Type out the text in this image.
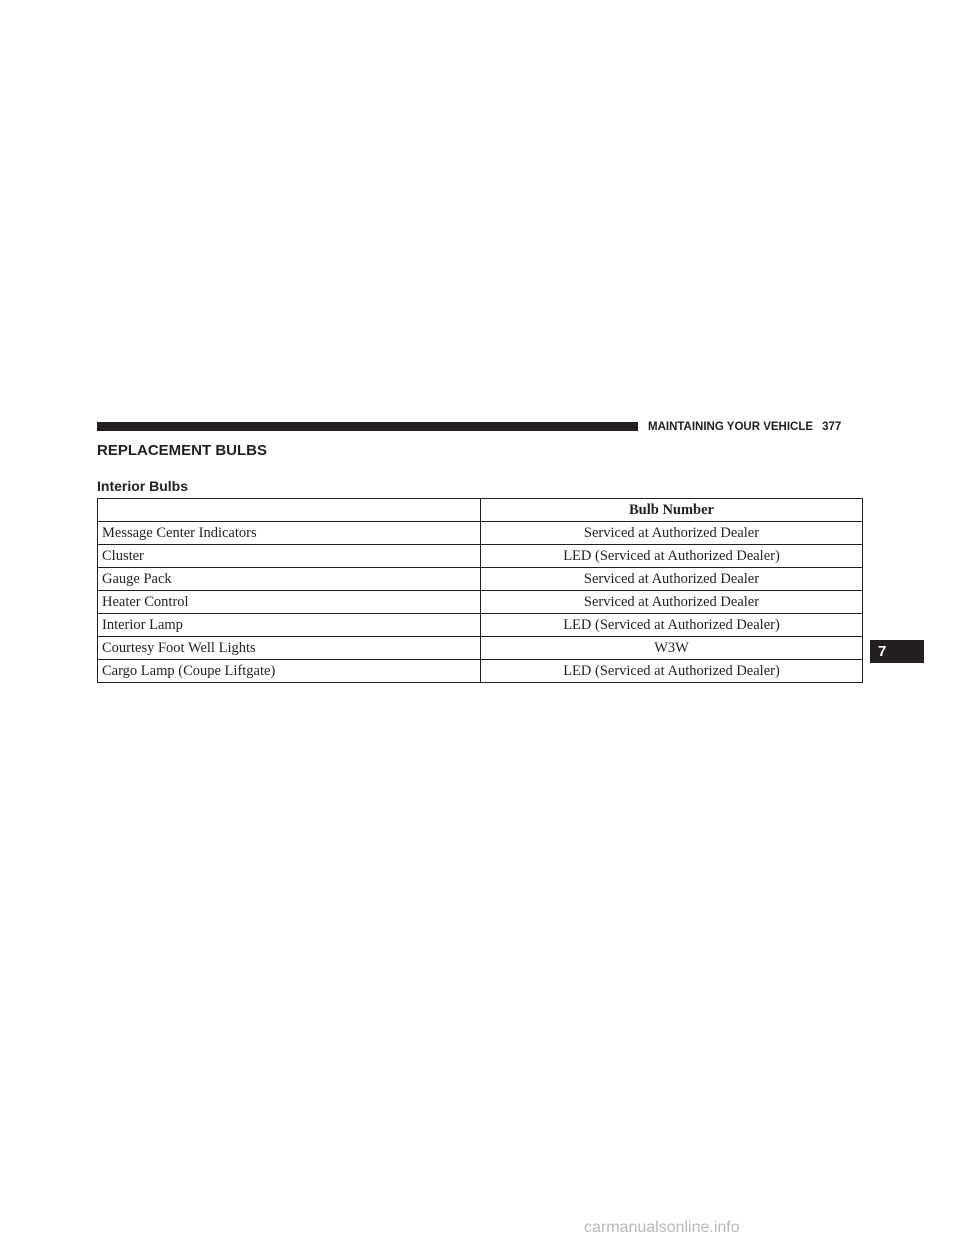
MAINTAINING YOUR VEHICLE 377
REPLACEMENT BULBS
Interior Bulbs
	Bulb Number
Message Center Indicators	Serviced at Authorized Dealer
Cluster	LED (Serviced at Authorized Dealer)
Gauge Pack	Serviced at Authorized Dealer
Heater Control	Serviced at Authorized Dealer
Interior Lamp	LED (Serviced at Authorized Dealer)
Courtesy Foot Well Lights	W3W
Cargo Lamp (Coupe Liftgate)	LED (Serviced at Authorized Dealer)
7
carmanualsonline.info
